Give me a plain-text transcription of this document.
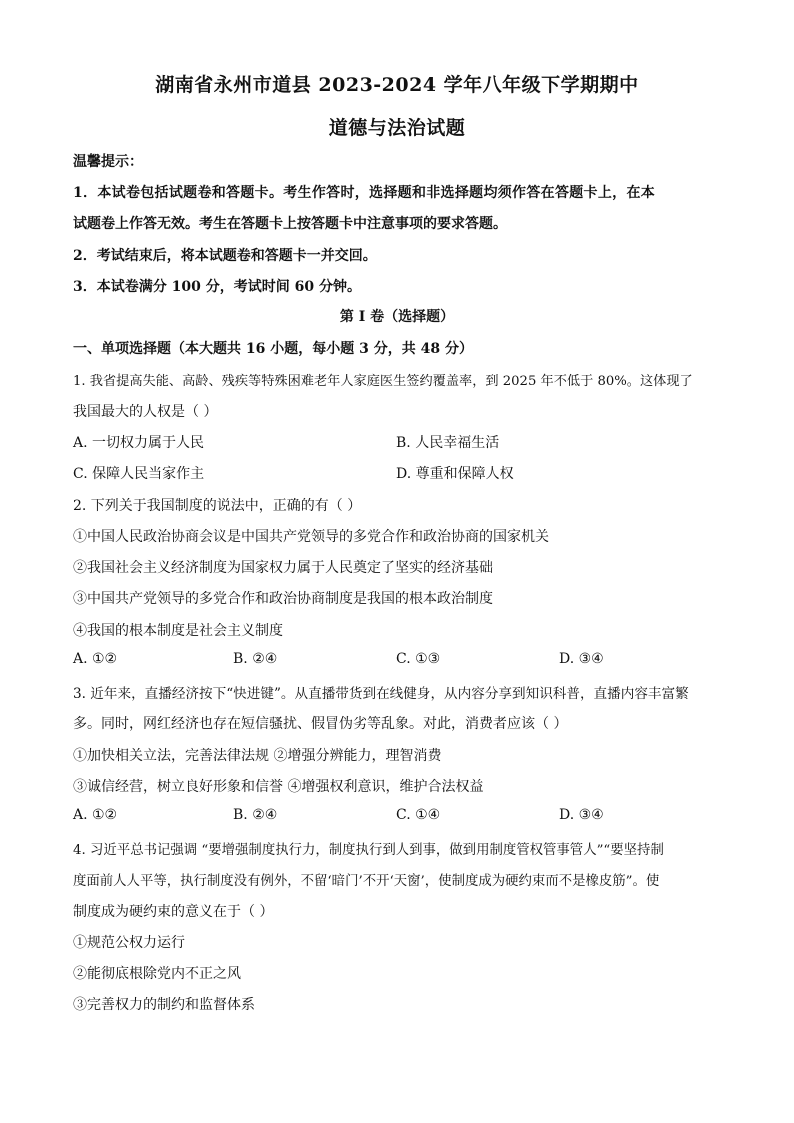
湖南省永州市道县 2023-2024 学年八年级下学期期中
道德与法治试题
温馨提示：
1．本试卷包括试题卷和答题卡。考生作答时，选择题和非选择题均须作答在答题卡上，在本
试题卷上作答无效。考生在答题卡上按答题卡中注意事项的要求答题。
2．考试结束后，将本试题卷和答题卡一并交回。
3．本试卷满分 100 分，考试时间 60 分钟。
第 I 卷（选择题）
一、单项选择题（本大题共 16 小题，每小题 3 分，共 48 分）
1. 我省提高失能、高龄、残疾等特殊困难老年人家庭医生签约覆盖率，到 2025 年不低于 80%。这体现了
我国最大的人权是（ ）
A. 一切权力属于人民	B. 人民幸福生活
C. 保障人民当家作主	D. 尊重和保障人权
2. 下列关于我国制度的说法中，正确的有（ ）
①中国人民政治协商会议是中国共产党领导的多党合作和政治协商的国家机关
②我国社会主义经济制度为国家权力属于人民奠定了坚实的经济基础
③中国共产党领导的多党合作和政治协商制度是我国的根本政治制度
④我国的根本制度是社会主义制度
A. ①②	B. ②④	C. ①③	D. ③④
3. 近年来，直播经济按下“快进键”。从直播带货到在线健身，从内容分享到知识科普，直播内容丰富繁
多。同时，网红经济也存在短信骚扰、假冒伪劣等乱象。对此，消费者应该（ ）
①加快相关立法，完善法律法规 ②增强分辨能力，理智消费
③诚信经营，树立良好形象和信誉 ④增强权利意识，维护合法权益
A. ①②	B. ②④	C. ①④	D. ③④
4. 习近平总书记强调 “要增强制度执行力，制度执行到人到事，做到用制度管权管事管人”“要坚持制
度面前人人平等，执行制度没有例外，不留‘暗门’不开‘天窗’，使制度成为硬约束而不是橡皮筋”。使
制度成为硬约束的意义在于（ ）
①规范公权力运行
②能彻底根除党内不正之风
③完善权力的制约和监督体系
